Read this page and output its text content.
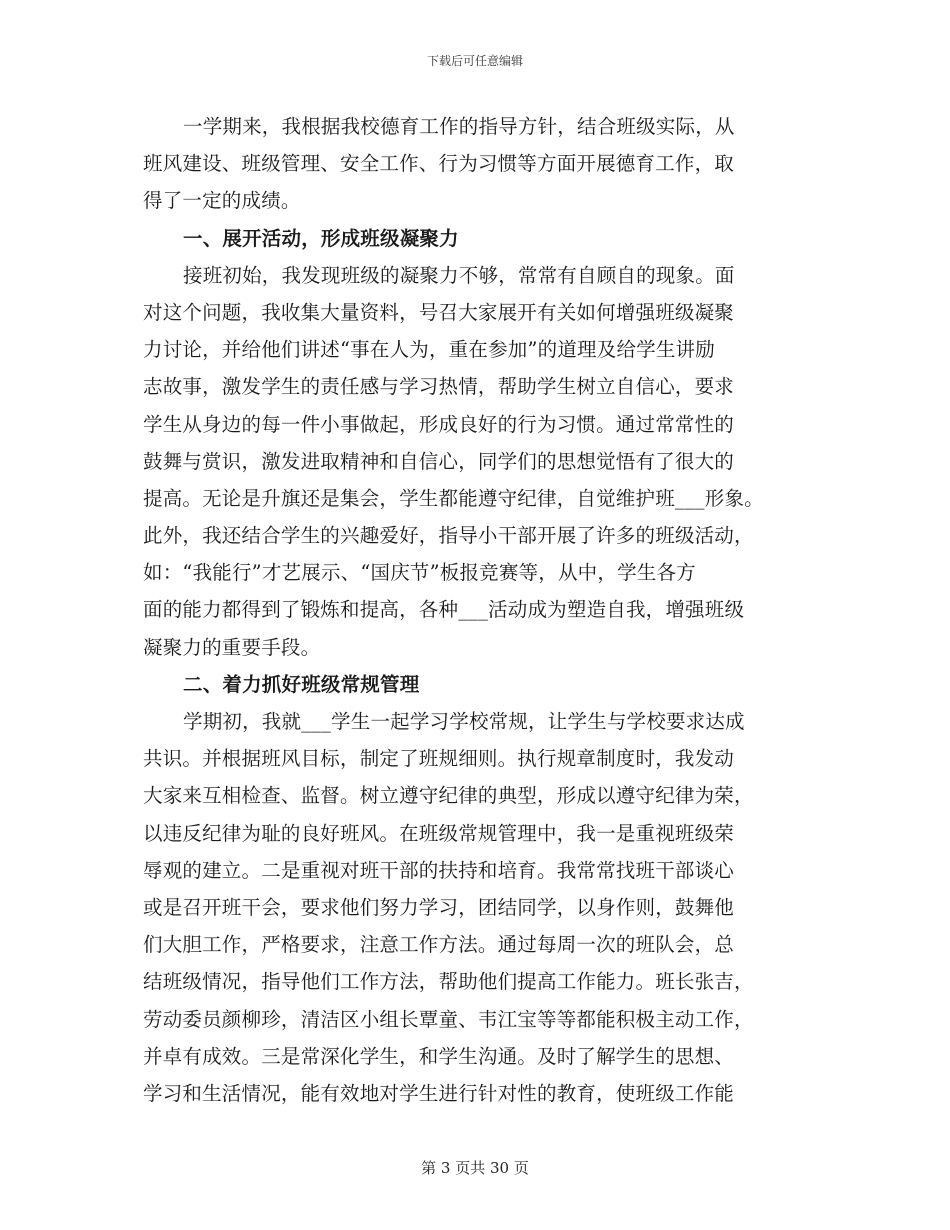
下载后可任意编辑
一学期来，我根据我校德育工作的指导方针，结合班级实际，从
班风建设、班级管理、安全工作、行为习惯等方面开展德育工作，取
得了一定的成绩。
一、展开活动，形成班级凝聚力
接班初始，我发现班级的凝聚力不够，常常有自顾自的现象。面
对这个问题，我收集大量资料，号召大家展开有关如何增强班级凝聚
力讨论，并给他们讲述“事在人为，重在参加”的道理及给学生讲励
志故事，激发学生的责任感与学习热情，帮助学生树立自信心，要求
学生从身边的每一件小事做起，形成良好的行为习惯。通过常常性的
鼓舞与赏识，激发进取精神和自信心，同学们的思想觉悟有了很大的
提高。无论是升旗还是集会，学生都能遵守纪律，自觉维护班___形象。
此外，我还结合学生的兴趣爱好，指导小干部开展了许多的班级活动，
如：“我能行”才艺展示、“国庆节”板报竞赛等，从中，学生各方
面的能力都得到了锻炼和提高，各种___活动成为塑造自我，增强班级
凝聚力的重要手段。
二、着力抓好班级常规管理
学期初，我就___学生一起学习学校常规，让学生与学校要求达成
共识。并根据班风目标，制定了班规细则。执行规章制度时，我发动
大家来互相检查、监督。树立遵守纪律的典型，形成以遵守纪律为荣，
以违反纪律为耻的良好班风。在班级常规管理中，我一是重视班级荣
辱观的建立。二是重视对班干部的扶持和培育。我常常找班干部谈心
或是召开班干会，要求他们努力学习，团结同学，以身作则，鼓舞他
们大胆工作，严格要求，注意工作方法。通过每周一次的班队会，总
结班级情况，指导他们工作方法，帮助他们提高工作能力。班长张吉，
劳动委员颜柳珍，清洁区小组长覃童、韦江宝等等都能积极主动工作，
并卓有成效。三是常深化学生，和学生沟通。及时了解学生的思想、
学习和生活情况，能有效地对学生进行针对性的教育，使班级工作能
第 3 页共 30 页
